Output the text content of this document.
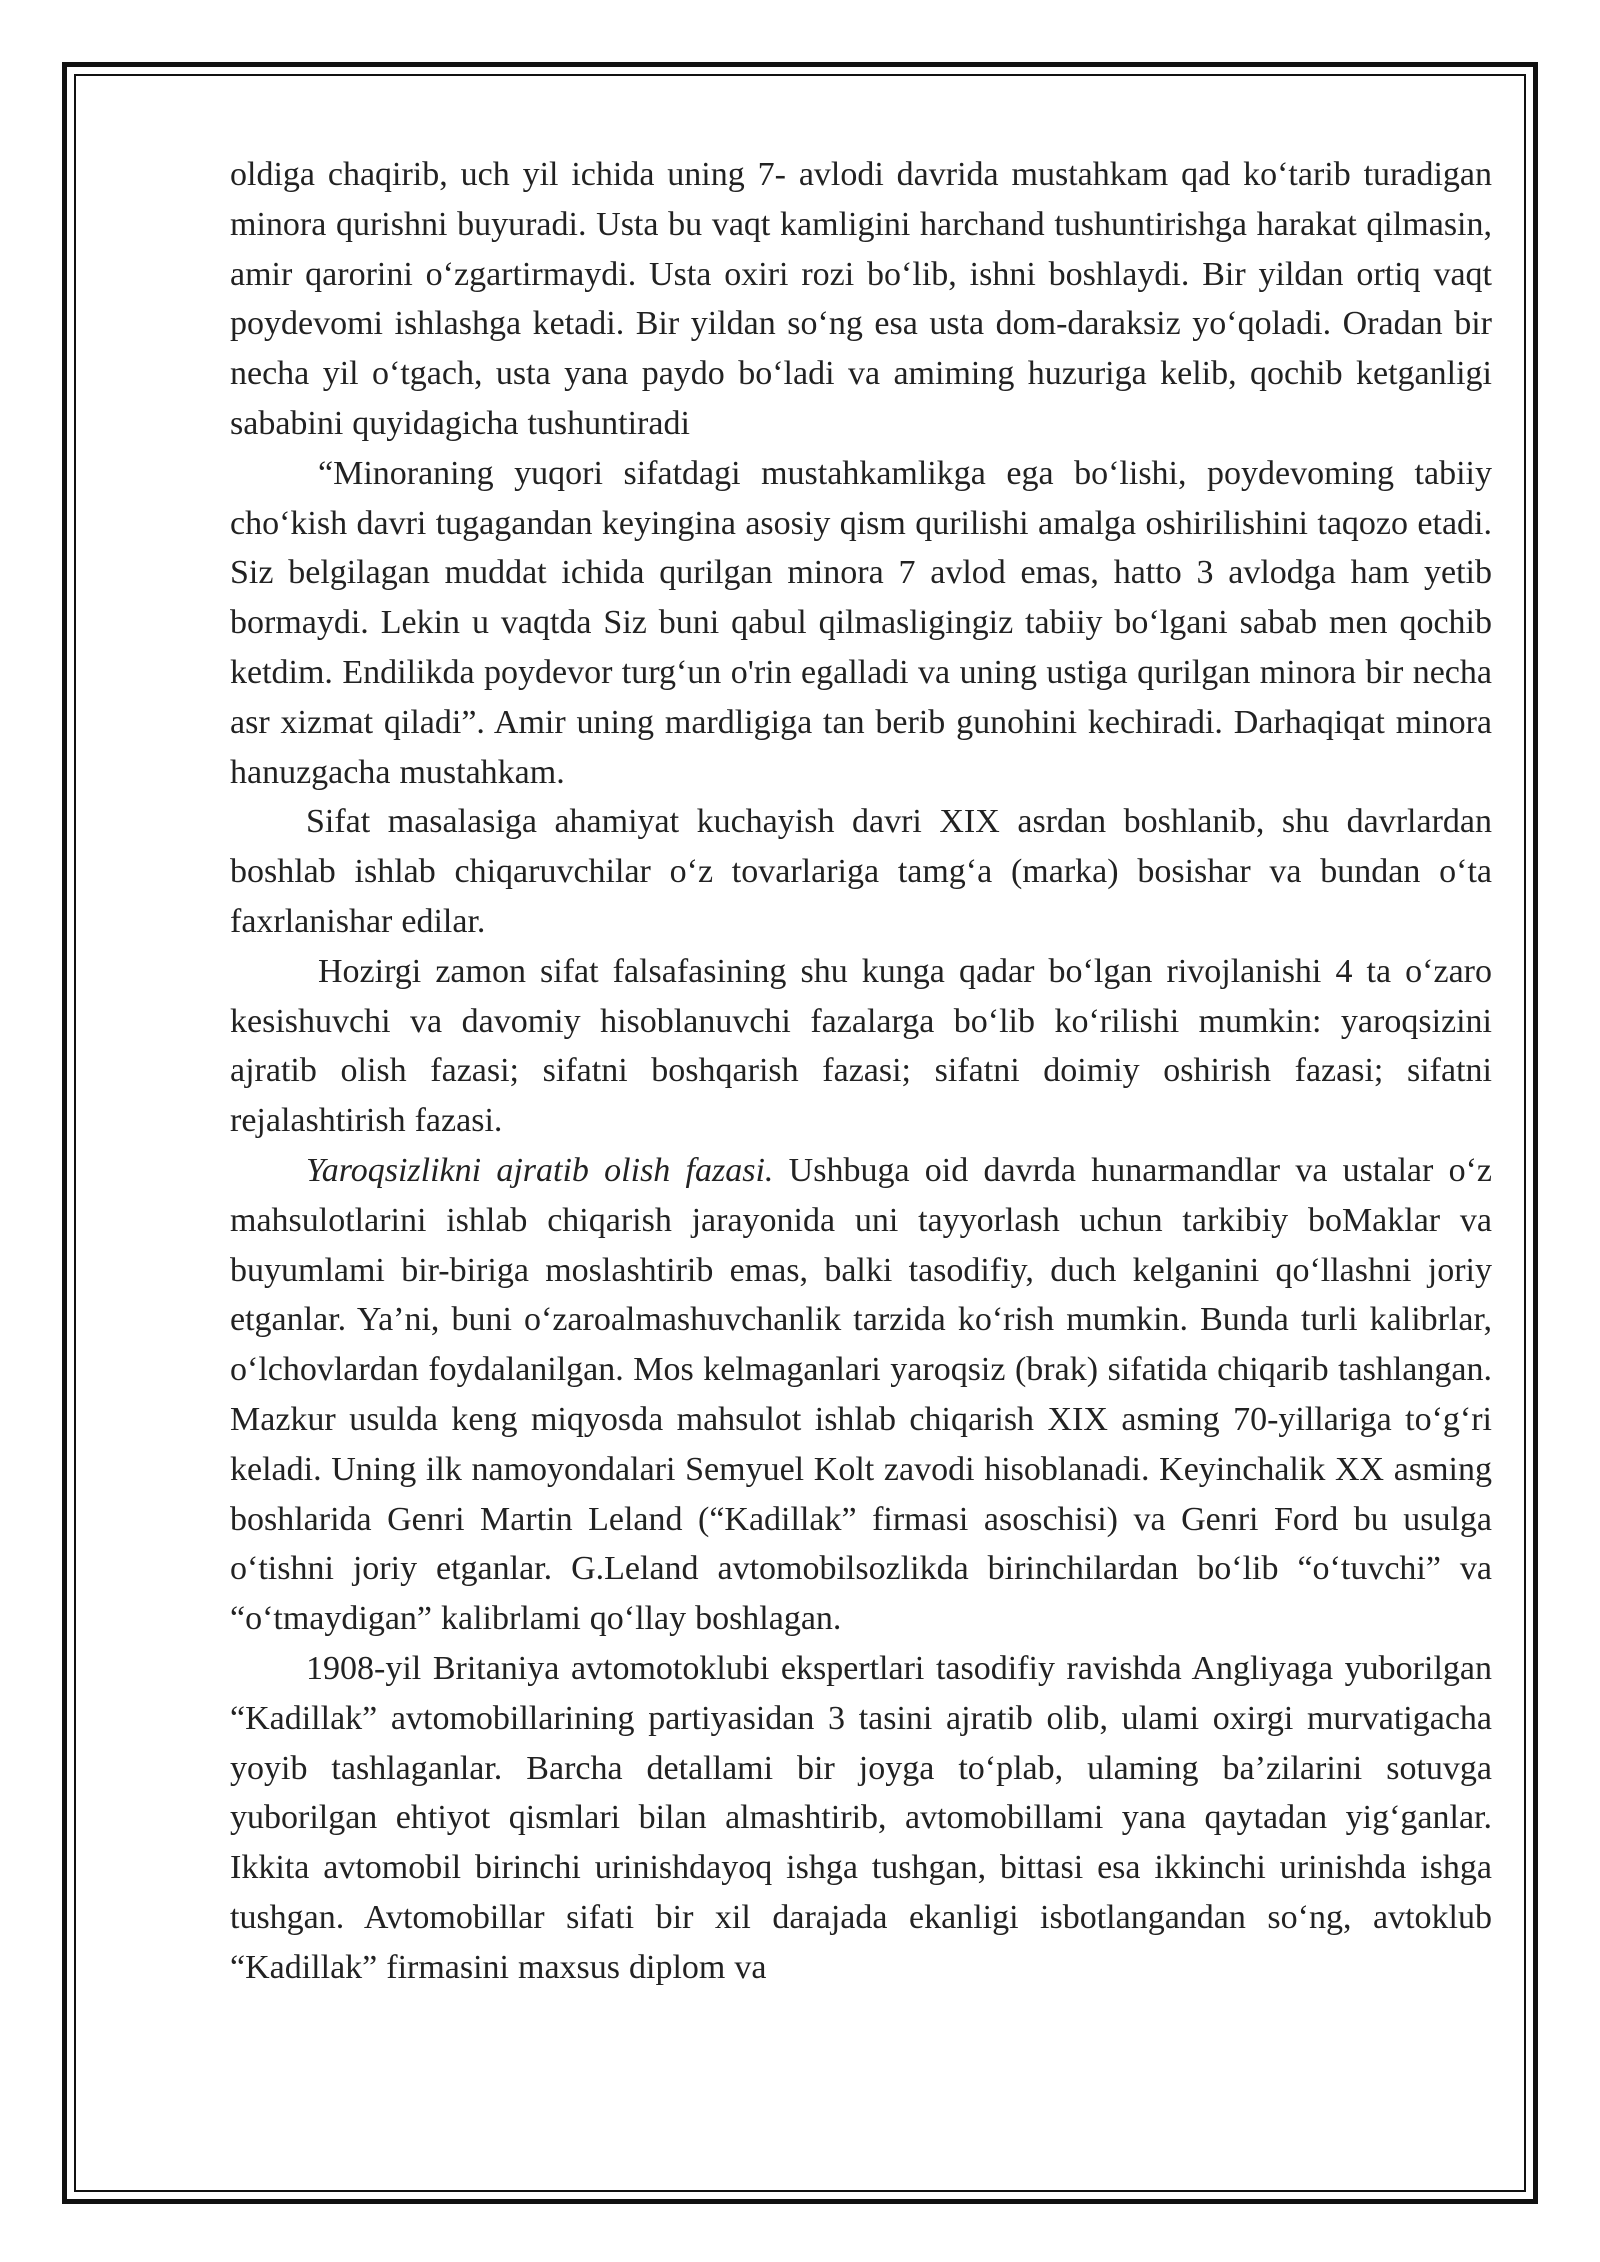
oldiga chaqirib, uch yil ichida uning 7- avlodi davrida mustahkam qad koʻtarib turadigan minora qurishni buyuradi. Usta bu vaqt kamligini harchand tushuntirishga harakat qilmasin, amir qarorini oʻzgartirmaydi. Usta oxiri rozi boʻlib, ishni boshlaydi. Bir yildan ortiq vaqt poydevomi ishlashga ketadi. Bir yildan soʻng esa usta dom-daraksiz yoʻqoladi. Oradan bir necha yil oʻtgach, usta yana paydo boʻladi va amiming huzuriga kelib, qochib ketganligi sababini quyidagicha tushuntiradi

“Minoraning yuqori sifatdagi mustahkamlikga ega boʻlishi, poydevoming tabiiy choʻkish davri tugagandan keyingina asosiy qism qurilishi amalga oshirilishini taqozo etadi. Siz belgilagan muddat ichida qurilgan minora 7 avlod emas, hatto 3 avlodga ham yetib bormaydi. Lekin u vaqtda Siz buni qabul qilmasligingiz tabiiy boʻlgani sabab men qochib ketdim. Endilikda poydevor turgʻun o'rin egalladi va uning ustiga qurilgan minora bir necha asr xizmat qiladi”. Amir uning mardligiga tan berib gunohini kechiradi. Darhaqiqat minora hanuzgacha mustahkam.

Sifat masalasiga ahamiyat kuchayish davri XIX asrdan boshlanib, shu davrlardan boshlab ishlab chiqaruvchilar oʻz tovarlariga tamgʻa (marka) bosishar va bundan oʻta faxrlanishar edilar.

Hozirgi zamon sifat falsafasining shu kunga qadar boʻlgan rivojlanishi 4 ta oʻzaro kesishuvchi va davomiy hisoblanuvchi fazalarga boʻlib koʻrilishi mumkin: yaroqsizini ajratib olish fazasi; sifatni boshqarish fazasi; sifatni doimiy oshirish fazasi; sifatni rejalashtirish fazasi.

Yaroqsizlikni ajratib olish fazasi. Ushbuga oid davrda hunarmandlar va ustalar oʻz mahsulotlarini ishlab chiqarish jarayonida uni tayyorlash uchun tarkibiy boMaklar va buyumlami bir-biriga moslashtirib emas, balki tasodifiy, duch kelganini qoʻllashni joriy etganlar. Ya’ni, buni oʻzaroalmashuvchanlik tarzida koʻrish mumkin. Bunda turli kalibrlar, oʻlchovlardan foydalanilgan. Mos kelmaganlari yaroqsiz (brak) sifatida chiqarib tashlangan. Mazkur usulda keng miqyosda mahsulot ishlab chiqarish XIX asming 70-yillariga toʻgʻri keladi. Uning ilk namoyondalari Semyuel Kolt zavodi hisoblanadi. Keyinchalik XX asming boshlarida Genri Martin Leland (“Kadillak” firmasi asoschisi) va Genri Ford bu usulga oʻtishni joriy etganlar. G.Leland avtomobilsozlikda birinchilardan boʻlib “oʻtuvchi” va “oʻtmaydigan” kalibrlami qoʻllay boshlagan.

1908-yil Britaniya avtomotoklubi ekspertlari tasodifiy ravishda Angliyaga yuborilgan “Kadillak” avtomobillarining partiyasidan 3 tasini ajratib olib, ulami oxirgi murvatigacha yoyib tashlaganlar. Barcha detallami bir joyga toʻplab, ulaming ba’zilarini sotuvga yuborilgan ehtiyot qismlari bilan almashtirib, avtomobillami yana qaytadan yigʻganlar. Ikkita avtomobil birinchi urinishdayoq ishga tushgan, bittasi esa ikkinchi urinishda ishga tushgan. Avtomobillar sifati bir xil darajada ekanligi isbotlangandan soʻng, avtoklub “Kadillak” firmasini maxsus diplom va
